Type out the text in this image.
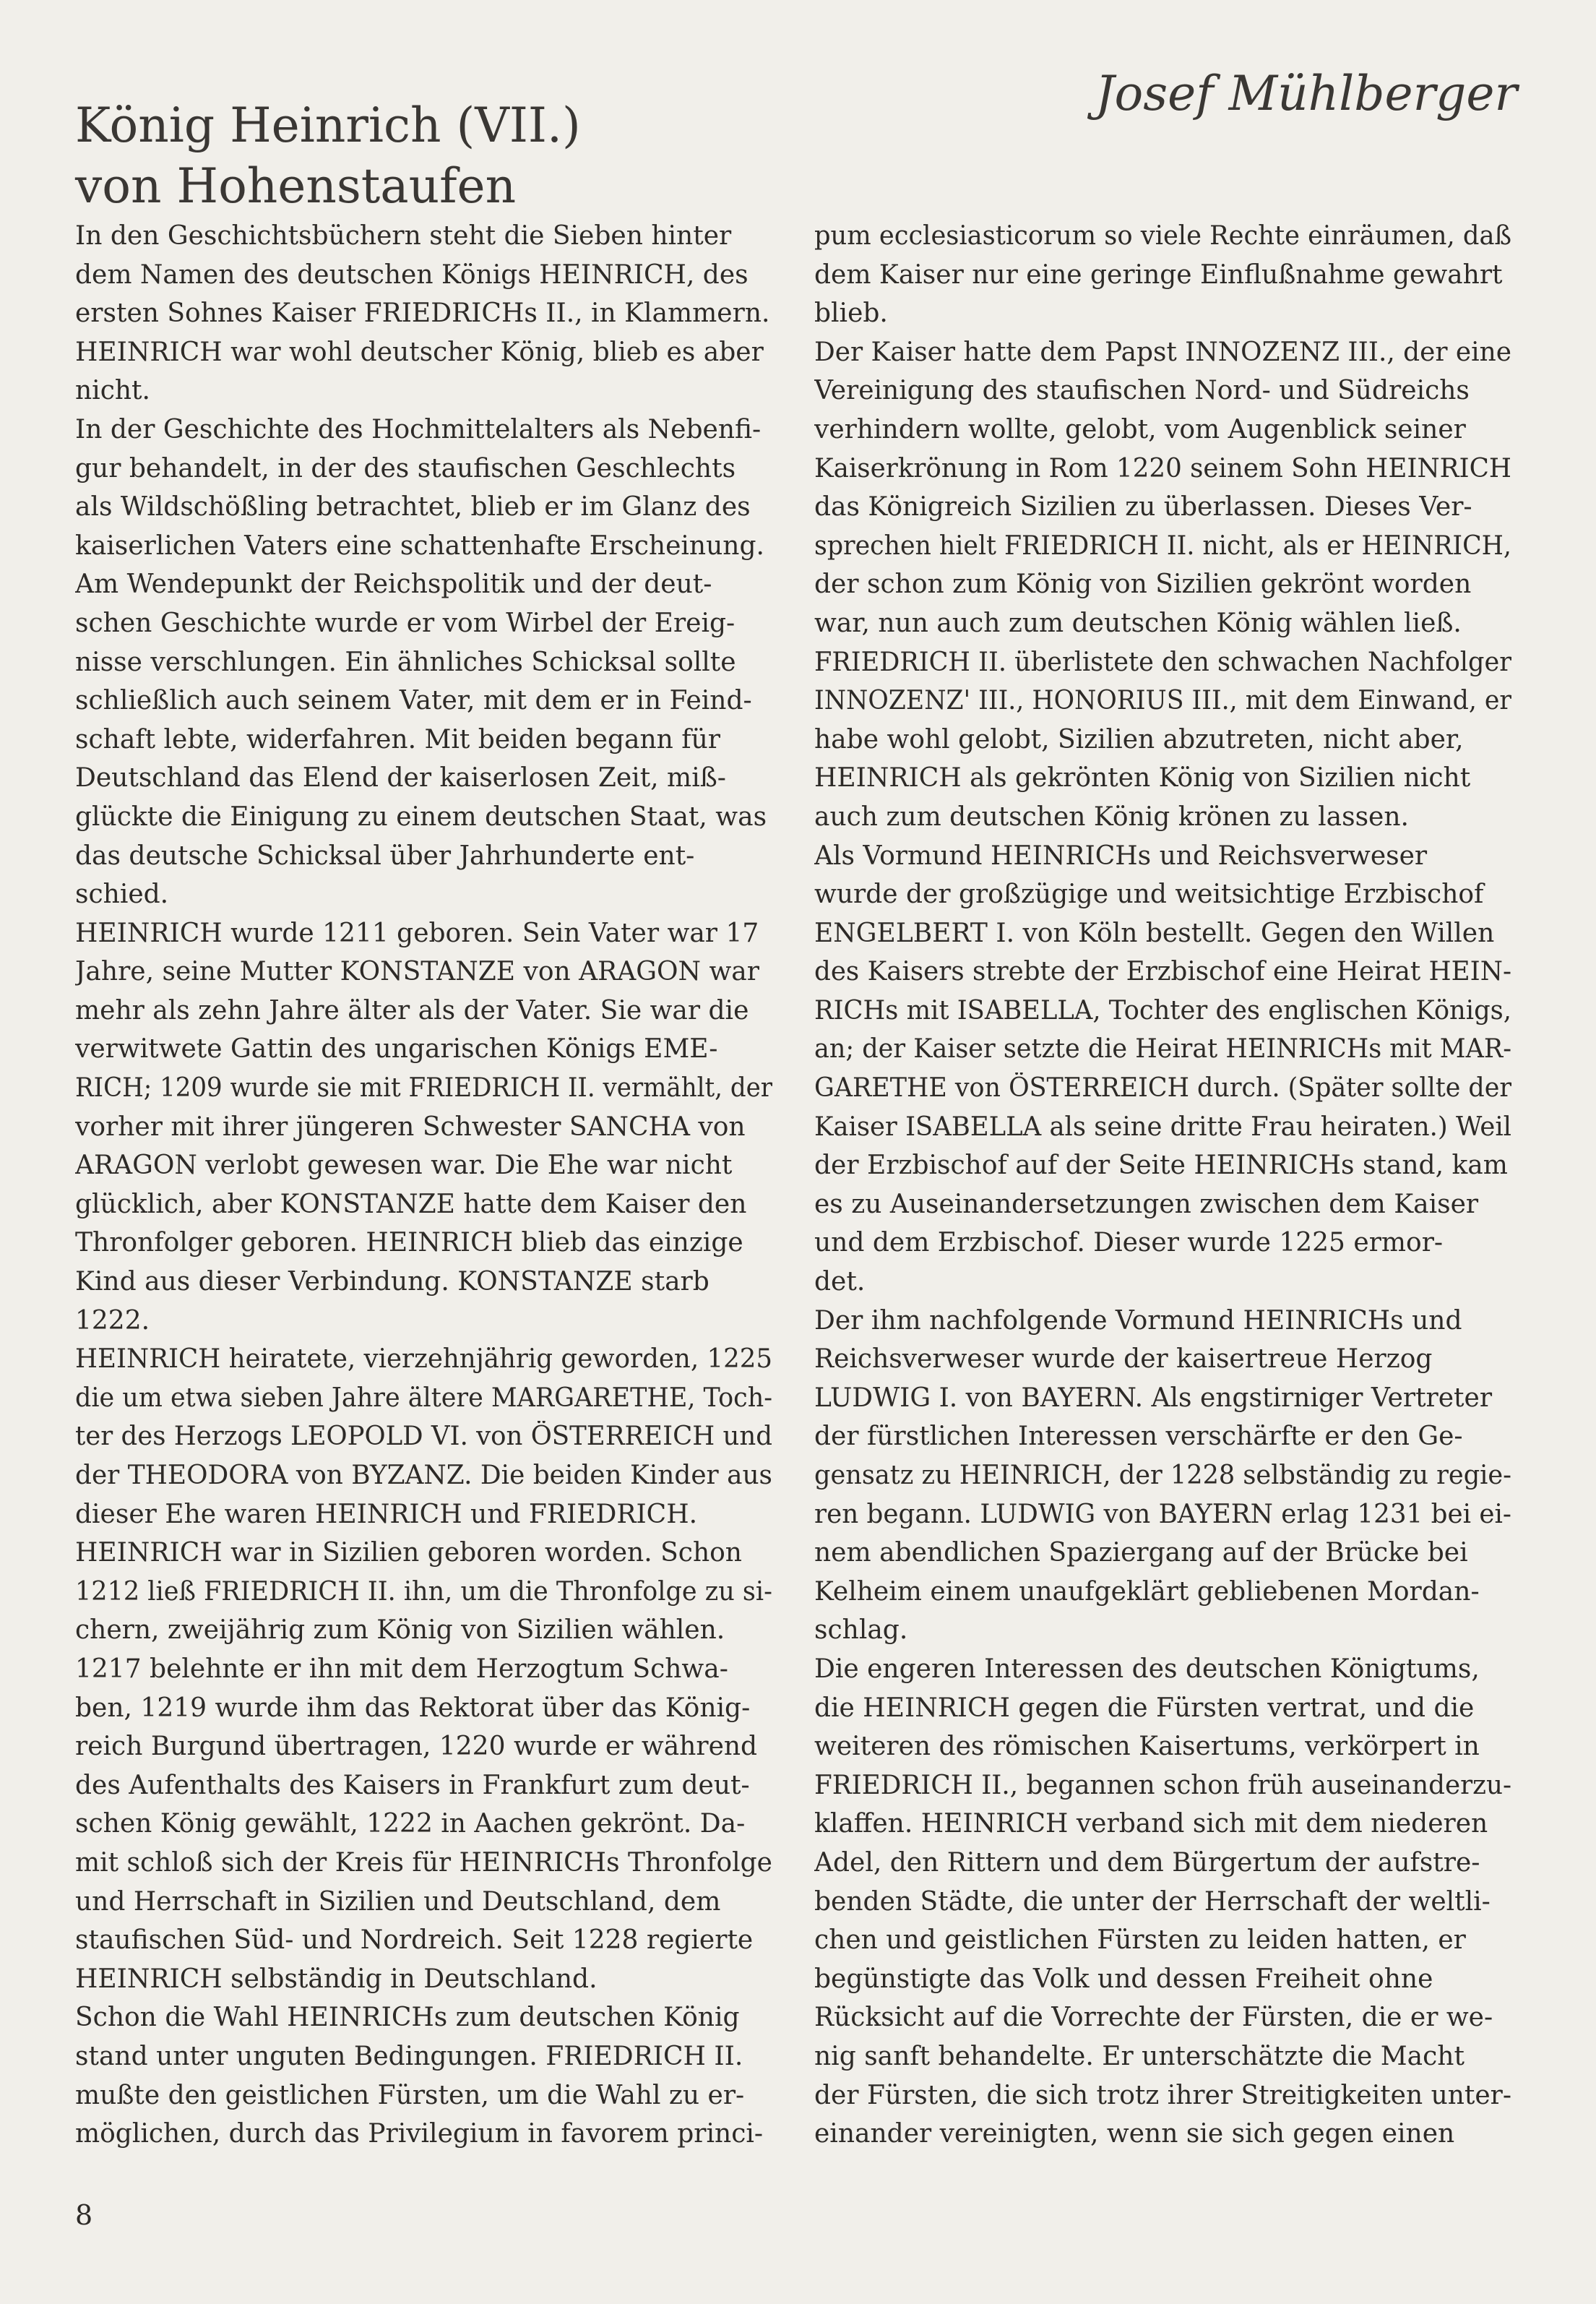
König Heinrich (VII.)
von Hohenstaufen
Josef Mühlberger
In den Geschichtsbüchern steht die Sieben hinter
dem Namen des deutschen Königs HEINRICH, des
ersten Sohnes Kaiser FRIEDRICHs II., in Klammern.
HEINRICH war wohl deutscher König, blieb es aber
nicht.
In der Geschichte des Hochmittelalters als Nebenfi-
gur behandelt, in der des staufischen Geschlechts
als Wildschößling betrachtet, blieb er im Glanz des
kaiserlichen Vaters eine schattenhafte Erscheinung.
Am Wendepunkt der Reichspolitik und der deut-
schen Geschichte wurde er vom Wirbel der Ereig-
nisse verschlungen. Ein ähnliches Schicksal sollte
schließlich auch seinem Vater, mit dem er in Feind-
schaft lebte, widerfahren. Mit beiden begann für
Deutschland das Elend der kaiserlosen Zeit, miß-
glückte die Einigung zu einem deutschen Staat, was
das deutsche Schicksal über Jahrhunderte ent-
schied.
HEINRICH wurde 1211 geboren. Sein Vater war 17
Jahre, seine Mutter KONSTANZE von ARAGON war
mehr als zehn Jahre älter als der Vater. Sie war die
verwitwete Gattin des ungarischen Königs EME-
RICH; 1209 wurde sie mit FRIEDRICH II. vermählt, der
vorher mit ihrer jüngeren Schwester SANCHA von
ARAGON verlobt gewesen war. Die Ehe war nicht
glücklich, aber KONSTANZE hatte dem Kaiser den
Thronfolger geboren. HEINRICH blieb das einzige
Kind aus dieser Verbindung. KONSTANZE starb
1222.
HEINRICH heiratete, vierzehnjährig geworden, 1225
die um etwa sieben Jahre ältere MARGARETHE, Toch-
ter des Herzogs LEOPOLD VI. von ÖSTERREICH und
der THEODORA von BYZANZ. Die beiden Kinder aus
dieser Ehe waren HEINRICH und FRIEDRICH.
HEINRICH war in Sizilien geboren worden. Schon
1212 ließ FRIEDRICH II. ihn, um die Thronfolge zu si-
chern, zweijährig zum König von Sizilien wählen.
1217 belehnte er ihn mit dem Herzogtum Schwa-
ben, 1219 wurde ihm das Rektorat über das König-
reich Burgund übertragen, 1220 wurde er während
des Aufenthalts des Kaisers in Frankfurt zum deut-
schen König gewählt, 1222 in Aachen gekrönt. Da-
mit schloß sich der Kreis für HEINRICHs Thronfolge
und Herrschaft in Sizilien und Deutschland, dem
staufischen Süd- und Nordreich. Seit 1228 regierte
HEINRICH selbständig in Deutschland.
Schon die Wahl HEINRICHs zum deutschen König
stand unter unguten Bedingungen. FRIEDRICH II.
mußte den geistlichen Fürsten, um die Wahl zu er-
möglichen, durch das Privilegium in favorem princi-
pum ecclesiasticorum so viele Rechte einräumen, daß
dem Kaiser nur eine geringe Einflußnahme gewahrt
blieb.
Der Kaiser hatte dem Papst INNOZENZ III., der eine
Vereinigung des staufischen Nord- und Südreichs
verhindern wollte, gelobt, vom Augenblick seiner
Kaiserkrönung in Rom 1220 seinem Sohn HEINRICH
das Königreich Sizilien zu überlassen. Dieses Ver-
sprechen hielt FRIEDRICH II. nicht, als er HEINRICH,
der schon zum König von Sizilien gekrönt worden
war, nun auch zum deutschen König wählen ließ.
FRIEDRICH II. überlistete den schwachen Nachfolger
INNOZENZ' III., HONORIUS III., mit dem Einwand, er
habe wohl gelobt, Sizilien abzutreten, nicht aber,
HEINRICH als gekrönten König von Sizilien nicht
auch zum deutschen König krönen zu lassen.
Als Vormund HEINRICHs und Reichsverweser
wurde der großzügige und weitsichtige Erzbischof
ENGELBERT I. von Köln bestellt. Gegen den Willen
des Kaisers strebte der Erzbischof eine Heirat HEIN-
RICHs mit ISABELLA, Tochter des englischen Königs,
an; der Kaiser setzte die Heirat HEINRICHs mit MAR-
GARETHE von ÖSTERREICH durch. (Später sollte der
Kaiser ISABELLA als seine dritte Frau heiraten.) Weil
der Erzbischof auf der Seite HEINRICHs stand, kam
es zu Auseinandersetzungen zwischen dem Kaiser
und dem Erzbischof. Dieser wurde 1225 ermor-
det.
Der ihm nachfolgende Vormund HEINRICHs und
Reichsverweser wurde der kaisertreue Herzog
LUDWIG I. von BAYERN. Als engstirniger Vertreter
der fürstlichen Interessen verschärfte er den Ge-
gensatz zu HEINRICH, der 1228 selbständig zu regie-
ren begann. LUDWIG von BAYERN erlag 1231 bei ei-
nem abendlichen Spaziergang auf der Brücke bei
Kelheim einem unaufgeklärt gebliebenen Mordan-
schlag.
Die engeren Interessen des deutschen Königtums,
die HEINRICH gegen die Fürsten vertrat, und die
weiteren des römischen Kaisertums, verkörpert in
FRIEDRICH II., begannen schon früh auseinanderzu-
klaffen. HEINRICH verband sich mit dem niederen
Adel, den Rittern und dem Bürgertum der aufstre-
benden Städte, die unter der Herrschaft der weltli-
chen und geistlichen Fürsten zu leiden hatten, er
begünstigte das Volk und dessen Freiheit ohne
Rücksicht auf die Vorrechte der Fürsten, die er we-
nig sanft behandelte. Er unterschätzte die Macht
der Fürsten, die sich trotz ihrer Streitigkeiten unter-
einander vereinigten, wenn sie sich gegen einen
8
